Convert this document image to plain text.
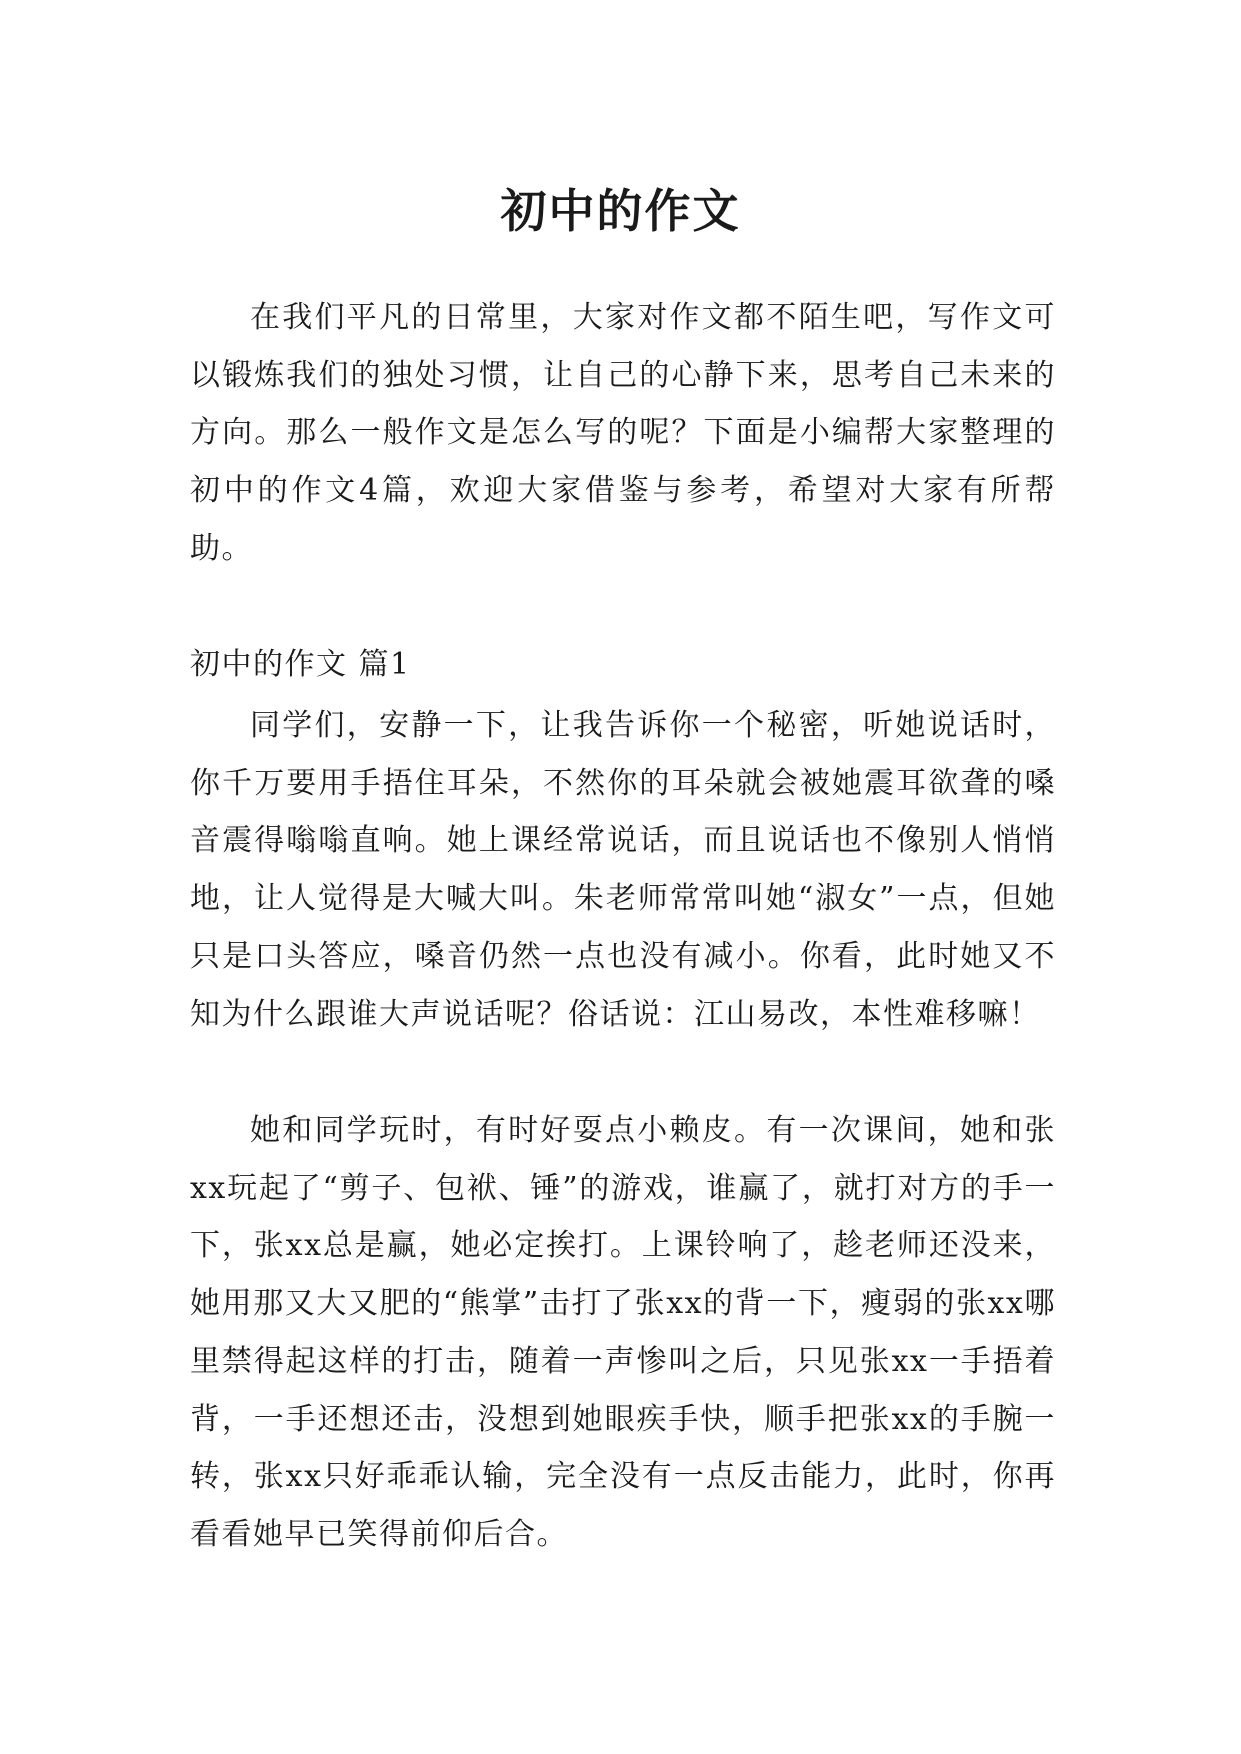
初中的作文

在我们平凡的日常里，大家对作文都不陌生吧，写作文可以锻炼我们的独处习惯，让自己的心静下来，思考自己未来的方向。那么一般作文是怎么写的呢？下面是小编帮大家整理的初中的作文4篇，欢迎大家借鉴与参考，希望对大家有所帮助。

初中的作文 篇1

同学们，安静一下，让我告诉你一个秘密，听她说话时，你千万要用手捂住耳朵，不然你的耳朵就会被她震耳欲聋的嗓音震得嗡嗡直响。她上课经常说话，而且说话也不像别人悄悄地，让人觉得是大喊大叫。朱老师常常叫她“淑女”一点，但她只是口头答应，嗓音仍然一点也没有减小。你看，此时她又不知为什么跟谁大声说话呢？俗话说：江山易改，本性难移嘛！

她和同学玩时，有时好耍点小赖皮。有一次课间，她和张xx玩起了“剪子、包袱、锤”的游戏，谁赢了，就打对方的手一下，张xx总是赢，她必定挨打。上课铃响了，趁老师还没来，她用那又大又肥的“熊掌”击打了张xx的背一下，瘦弱的张xx哪里禁得起这样的打击，随着一声惨叫之后，只见张xx一手捂着背，一手还想还击，没想到她眼疾手快，顺手把张xx的手腕一转，张xx只好乖乖认输，完全没有一点反击能力，此时，你再看看她早已笑得前仰后合。
